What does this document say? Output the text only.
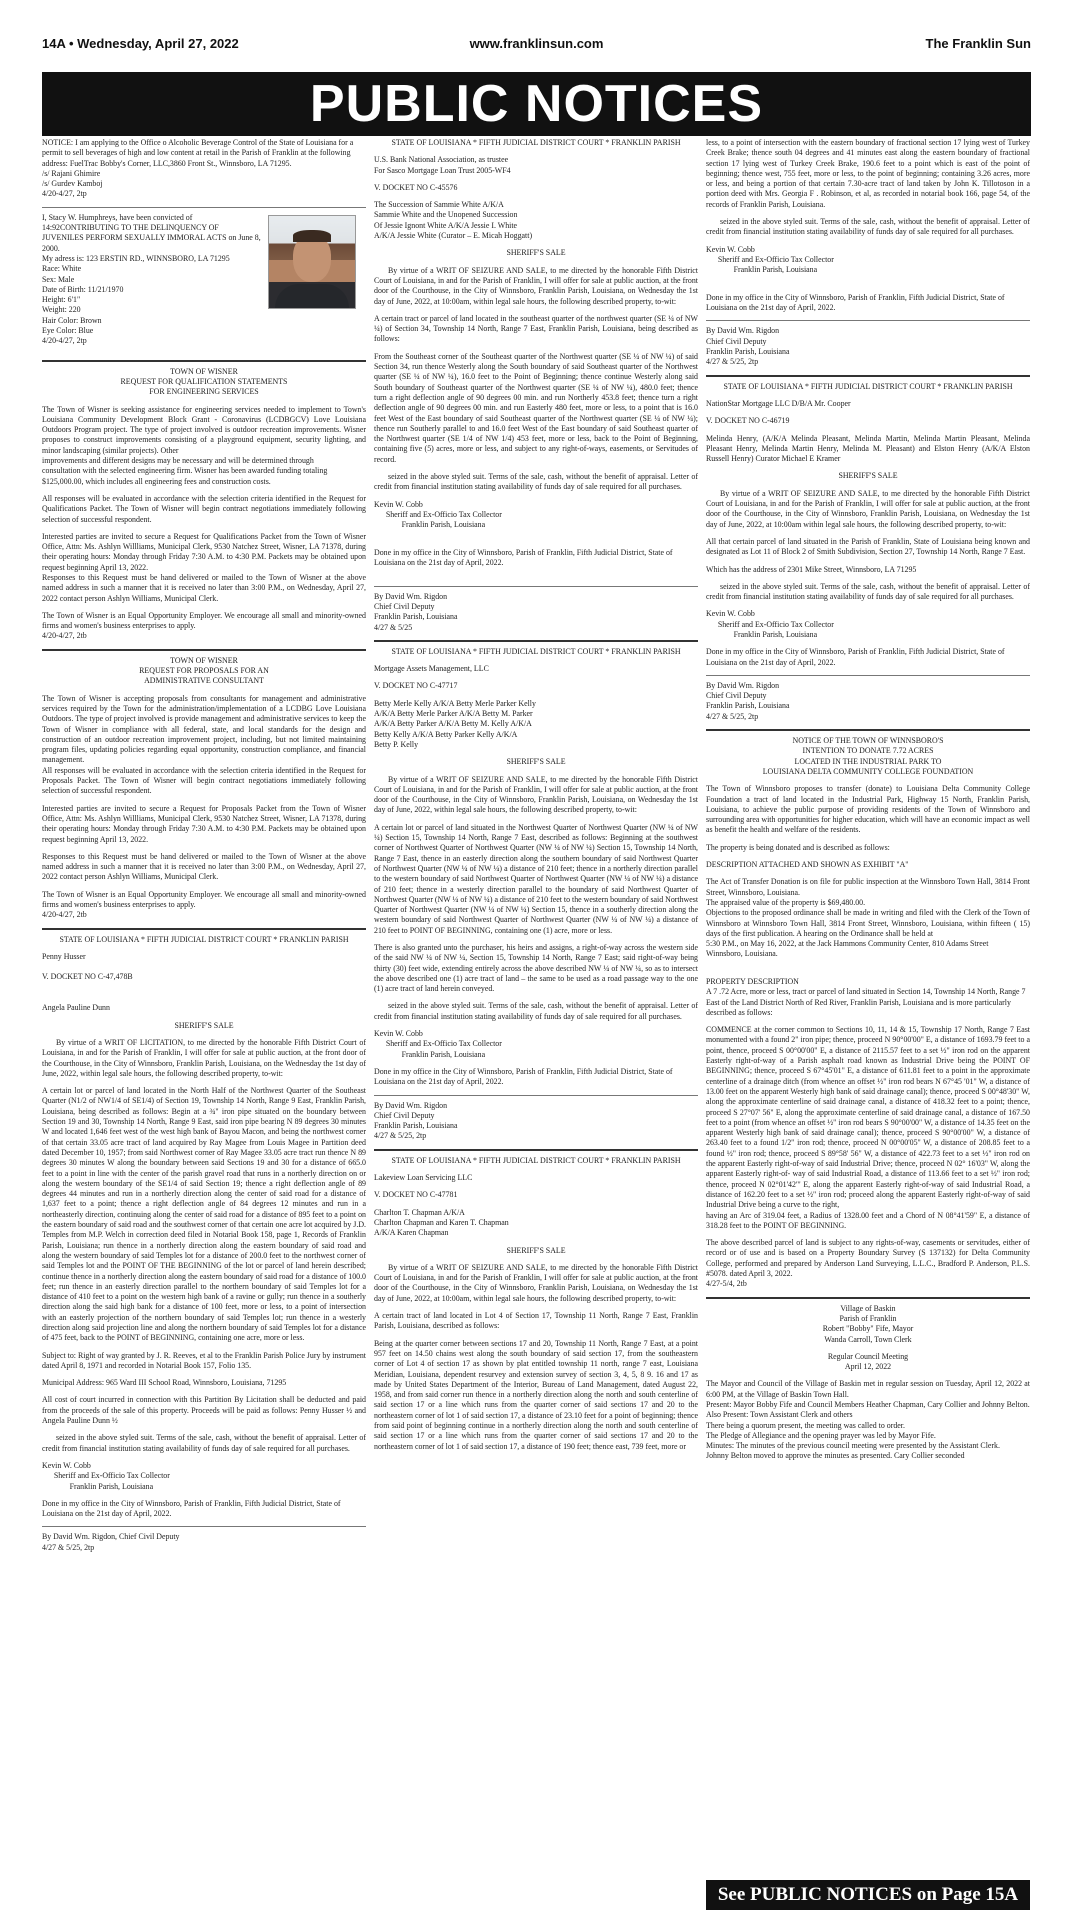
14A • Wednesday, April 27, 2022	www.franklinsun.com	The Franklin Sun
PUBLIC NOTICES

NOTICE: I am applying to the Office o Alcoholic Beverage Control of the State of Louisiana for a permit to sell beverages of high and low content at retail in the Parish of Franklin at the following address: FuelTrac Bobby's Corner, LLC,3860 Front St., Winnsboro, LA 71295.
/s/ Rajani Ghimire
/s/ Gurdev Kamboj
4/20-4/27, 2tp

I, Stacy W. Humphreys, have been convicted of 14:92CONTRIBUTING TO THE DELINQUENCY OF JUVENILES PERFORM SEXUALLY IMMORAL ACTS on June 8, 2000.
My adress is: 123 ERSTIN RD., WINNSBORO, LA 71295
Race: White
Sex: Male
Date of Birth: 11/21/1970
Height: 6'1"
Weight: 220
Hair Color: Brown
Eye Color: Blue
4/20-4/27, 2tp

TOWN OF WISNER
REQUEST FOR QUALIFICATION STATEMENTS
FOR ENGINEERING SERVICES

The Town of Wisner is seeking assistance for engineering services needed to implement to Town's Louisiana Community Development Block Grant - Coronavirus (LCDBGCV) Love Louisiana Outdoors Program project. The type of project involved is outdoor recreation improvements. Wisner proposes to construct improvements consisting of a playground equipment, security lighting, and minor landscaping (similar projects). Other
improvements and different designs may be necessary and will be determined through
consultation with the selected engineering firm. Wisner has been awarded funding totaling
$125,000.00, which includes all engineering fees and construction costs.

All responses will be evaluated in accordance with the selection criteria identified in the Request for Qualifications Packet. The Town of Wisner will begin contract negotiations immediately following selection of successful respondent.

Interested parties are invited to secure a Request for Qualifications Packet from the Town of Wisner Office, Attn: Ms. Ashlyn Willliams, Municipal Clerk, 9530 Natchez Street, Wisner, LA 71378, during their operating hours: Monday through Friday 7:30 A.M. to 4:30 P.M. Packets may be obtained upon request beginning April 13, 2022.
Responses to this Request must be hand delivered or mailed to the Town of Wisner at the above named address in such a manner that it is received no later than 3:00 P.M., on Wednesday, April 27, 2022 contact person Ashlyn Williams, Municipal Clerk.

The Town of Wisner is an Equal Opportunity Employer. We encourage all small and minority-owned firms and women's business enterprises to apply.
4/20-4/27, 2tb

TOWN OF WISNER
REQUEST FOR PROPOSALS FOR AN
ADMINISTRATIVE CONSULTANT

The Town of Wisner is accepting proposals from consultants for management and administrative services required by the Town for the administration/implementation of a LCDBG Love Louisiana Outdoors. The type of project involved is provide management and administrative services to keep the Town of Wisner in compliance with all federal, state, and local standards for the design and construction of an outdoor recreation improvement project, including, but not limited maintaining program files, updating policies regarding equal opportunity, construction compliance, and financial management.
All responses will be evaluated in accordance with the selection criteria identified in the Request for Proposals Packet. The Town of Wisner will begin contract negotiations immediately following selection of successful respondent.

Interested parties are invited to secure a Request for Proposals Packet from the Town of Wisner Office, Attn: Ms. Ashlyn Willliams, Municipal Clerk, 9530 Natchez Street, Wisner, LA 71378, during their operating hours: Monday through Friday 7:30 A.M. to 4:30 P.M. Packets may be obtained upon request beginning April 13, 2022.

Responses to this Request must be hand delivered or mailed to the Town of Wisner at the above named address in such a manner that it is received no later than 3:00 P.M., on Wednesday, April 27, 2022 contact person Ashlyn Williams, Municipal Clerk.

The Town of Wisner is an Equal Opportunity Employer. We encourage all small and minority-owned firms and women's business enterprises to apply.
4/20-4/27, 2tb

STATE OF LOUISIANA * FIFTH JUDICIAL DISTRICT COURT * FRANKLIN PARISH

Penny Husser

V. DOCKET NO C-47,478B

Angela Pauline Dunn

SHERIFF'S SALE

By virtue of a WRIT OF LICITATION, to me directed by the honorable Fifth District Court of Louisiana, in and for the Parish of Franklin, I will offer for sale at public auction, at the front door of the Courthouse, in the City of Winnsboro, Franklin Parish, Louisiana, on the Wednesday the 1st day of June, 2022, within legal sale hours, the following described property, to-wit:

A certain lot or parcel of land located in the North Half of the Northwest Quarter of the Southeast Quarter (N1/2 of NW1/4 of SE1/4) of Section 19, Township 14 North, Range 9 East, Franklin Parish, Louisiana, being described as follows: Begin at a ¾" iron pipe situated on the boundary between Section 19 and 30, Township 14 North, Range 9 East, said iron pipe bearing N 89 degrees 30 minutes W and located 1,646 feet west of the west high bank of Bayou Macon, and being the northwest corner of that certain 33.05 acre tract of land acquired by Ray Magee from Louis Magee in Partition deed dated December 10, 1957; from said Northwest corner of Ray Magee 33.05 acre tract run thence N 89 degrees 30 minutes W along the boundary between said Sections 19 and 30 for a distance of 665.0 feet to a point in line with the center of the parish gravel road that runs in a northerly direction on or along the western boundary of the SE1/4 of said Section 19; thence a right deflection angle of 89 degrees 44 minutes and run in a northerly direction along the center of said road for a distance of 1,637 feet to a point; thence a right deflection angle of 84 degrees 12 minutes and run in a northeasterly direction, continuing along the center of said road for a distance of 895 feet to a point on the eastern boundary of said road and the southwest corner of that certain one acre lot acquired by J.D. Temples from M.P. Welch in correction deed filed in Notarial Book 158, page 1, Records of Franklin Parish, Louisiana; run thence in a northerly direction along the eastern boundary of said road and along the western boundary of said Temples lot for a distance of 200.0 feet to the northwest corner of said Temples lot and the POINT OF THE BEGINNING of the lot or parcel of land herein described; continue thence in a northerly direction along the eastern boundary of said road for a distance of 100.0 feet; run thence in an easterly direction parallel to the northern boundary of said Temples lot for a distance of 410 feet to a point on the western high bank of a ravine or gully; run thence in a southerly direction along the said high bank for a distance of 100 feet, more or less, to a point of intersection with an easterly projection of the northern boundary of said Temples lot; run thence in a westerly direction along said projection line and along the northern boundary of said Temples lot for a distance of 475 feet, back to the POINT of BEGINNING, containing one acre, more or less.

Subject to: Right of way granted by J. R. Reeves, et al to the Franklin Parish Police Jury by instrument dated April 8, 1971 and recorded in Notarial Book 157, Folio 135.

Municipal Address: 965 Ward III School Road, Winnsboro, Louisiana, 71295

All cost of court incurred in connection with this Partition By Licitation shall be deducted and paid from the proceeds of the sale of this property. Proceeds will be paid as follows: Penny Husser ½ and Angela Pauline Dunn ½

seized in the above styled suit. Terms of the sale, cash, without the benefit of appraisal. Letter of credit from financial institution stating availability of funds day of sale required for all purchases.

Kevin W. Cobb
Sheriff and Ex-Officio Tax Collector
Franklin Parish, Louisiana

Done in my office in the City of Winnsboro, Parish of Franklin, Fifth Judicial District, State of Louisiana on the 21st day of April, 2022.

By David Wm. Rigdon, Chief Civil Deputy
4/27 & 5/25, 2tp

STATE OF LOUISIANA * FIFTH JUDICIAL DISTRICT COURT * FRANKLIN PARISH

U.S. Bank National Association, as trustee
For Sasco Mortgage Loan Trust 2005-WF4

V. DOCKET NO C-45576

The Succession of Sammie White A/K/A
Sammie White and the Unopened Succession
Of Jessie Ignont White A/K/A Jessie I. White
A/K/A Jessie White (Curator – E. Micah Hoggatt)

SHERIFF'S SALE

By virtue of a WRIT OF SEIZURE AND SALE, to me directed by the honorable Fifth District Court of Louisiana, in and for the Parish of Franklin, I will offer for sale at public auction, at the front door of the Courthouse, in the City of Winnsboro, Franklin Parish, Louisiana, on Wednesday the 1st day of June, 2022, at 10:00am, within legal sale hours, the following described property, to-wit:

A certain tract or parcel of land located in the southeast quarter of the northwest quarter (SE ¼ of NW ¼) of Section 34, Township 14 North, Range 7 East, Franklin Parish, Louisiana, being described as follows:

From the Southeast corner of the Southeast quarter of the Northwest quarter (SE ¼ of NW ¼) of said Section 34, run thence Westerly along the South boundary of said Southeast quarter of the Northwest quarter (SE ¼ of NW ¼), 16.0 feet to the Point of Beginning; thence continue Westerly along said South boundary of Southeast quarter of the Northwest quarter (SE ¼ of NW ¼), 480.0 feet; thence turn a right deflection angle of 90 degrees 00 min. and run Northerly 453.8 feet; thence turn a right deflection angle of 90 degrees 00 min. and run Easterly 480 feet, more or less, to a point that is 16.0 feet West of the East boundary of said Southeast quarter of the Northwest quarter (SE ¼ of NW ¼); thence run Southerly parallel to and 16.0 feet West of the East boundary of said Southeast quarter of the Northwest quarter (SE 1/4 of NW 1/4) 453 feet, more or less, back to the Point of Beginning, containing five (5) acres, more or less, and subject to any right-of-ways, easements, or Servitudes of record.

seized in the above styled suit. Terms of the sale, cash, without the benefit of appraisal. Letter of credit from financial institution stating availability of funds day of sale required for all purchases.

Kevin W. Cobb
Sheriff and Ex-Officio Tax Collector
Franklin Parish, Louisiana

Done in my office in the City of Winnsboro, Parish of Franklin, Fifth Judicial District, State of Louisiana on the 21st day of April, 2022.

By David Wm. Rigdon
Chief Civil Deputy
Franklin Parish, Louisiana
4/27 & 5/25

STATE OF LOUISIANA * FIFTH JUDICIAL DISTRICT COURT * FRANKLIN PARISH

Mortgage Assets Management, LLC

V. DOCKET NO C-47717

Betty Merle Kelly A/K/A Betty Merle Parker Kelly
A/K/A Betty Merle Parker A/K/A Betty M. Parker
A/K/A Betty Parker A/K/A Betty M. Kelly A/K/A
Betty Kelly A/K/A Betty Parker Kelly A/K/A
Betty P. Kelly

SHERIFF'S SALE

By virtue of a WRIT OF SEIZURE AND SALE, to me directed by the honorable Fifth District Court of Louisiana, in and for the Parish of Franklin, I will offer for sale at public auction, at the front door of the Courthouse, in the City of Winnsboro, Franklin Parish, Louisiana, on Wednesday the 1st day of June, 2022, within legal sale hours, the following described property, to-wit:

A certain lot or parcel of land situated in the Northwest Quarter of Northwest Quarter (NW ¼ of NW ¼) Section 15, Township 14 North, Range 7 East, described as follows: Beginning at the southwest corner of Northwest Quarter of Northwest Quarter (NW ¼ of NW ¼) Section 15, Township 14 North, Range 7 East, thence in an easterly direction along the southern boundary of said Northwest Quarter of Northwest Quarter (NW ¼ of NW ¼) a distance of 210 feet; thence in a northerly direction parallel to the western boundary of said Northwest Quarter of Northwest Quarter (NW ¼ of NW ¼) a distance of 210 feet; thence in a westerly direction parallel to the boundary of said Northwest Quarter of Northwest Quarter (NW ¼ of NW ¼) a distance of 210 feet to the western boundary of said Northwest Quarter of Northwest Quarter (NW ¼ of NW ¼) Section 15, thence in a southerly direction along the western boundary of said Northwest Quarter of Northwest Quarter (NW ¼ of NW ¼) a distance of 210 feet to POINT OF BEGINNING, containing one (1) acre, more or less.

There is also granted unto the purchaser, his heirs and assigns, a right-of-way across the western side of the said NW ¼ of NW ¼, Section 15, Township 14 North, Range 7 East; said right-of-way being thirty (30) feet wide, extending entirely across the above described NW ¼ of NW ¼, so as to intersect the above described one (1) acre tract of land – the same to be used as a road passage way to the one (1) acre tract of land herein conveyed.

seized in the above styled suit. Terms of the sale, cash, without the benefit of appraisal. Letter of credit from financial institution stating availability of funds day of sale required for all purchases.

Kevin W. Cobb
Sheriff and Ex-Officio Tax Collector
Franklin Parish, Louisiana

Done in my office in the City of Winnsboro, Parish of Franklin, Fifth Judicial District, State of Louisiana on the 21st day of April, 2022.

By David Wm. Rigdon
Chief Civil Deputy
Franklin Parish, Louisiana
4/27 & 5/25, 2tp

STATE OF LOUISIANA * FIFTH JUDICIAL DISTRICT COURT * FRANKLIN PARISH

Lakeview Loan Servicing LLC

V. DOCKET NO C-47781

Charlton T. Chapman A/K/A
Charlton Chapman and Karen T. Chapman
A/K/A Karen Chapman

SHERIFF'S SALE

By virtue of a WRIT OF SEIZURE AND SALE, to me directed by the honorable Fifth District Court of Louisiana, in and for the Parish of Franklin, I will offer for sale at public auction, at the front door of the Courthouse, in the City of Winnsboro, Franklin Parish, Louisiana, on Wednesday the 1st day of June, 2022, at 10:00am, within legal sale hours, the following described property, to-wit:

A certain tract of land located in Lot 4 of Section 17, Township 11 North, Range 7 East, Franklin Parish, Louisiana, described as follows:

Being at the quarter corner between sections 17 and 20, Township 11 North, Range 7 East, at a point 957 feet on 14.50 chains west along the south boundary of said section 17, from the southeastern corner of Lot 4 of section 17 as shown by plat entitled township 11 north, range 7 east, Louisiana Meridian, Louisiana, dependent resurvey and extension survey of section 3, 4, 5, 8 9. 16 and 17 as made by United States Department of the Interior, Bureau of Land Management, dated August 22, 1958, and from said corner run thence in a northerly direction along the north and south centerline of said section 17 or a line which runs from the quarter corner of said sections 17 and 20 to the northeastern corner of lot 1 of said section 17, a distance of 23.10 feet for a point of beginning; thence from said point of beginning continue in a northerly direction along the north and south centerline of said section 17 or a line which runs from the quarter corner of said sections 17 and 20 to the northeastern corner of lot 1 of said section 17, a distance of 190 feet; thence east, 739 feet, more or

less, to a point of intersection with the eastern boundary of fractional section 17 lying west of Turkey Creek Brake; thence south 04 degrees and 41 minutes east along the eastern boundary of fractional section 17 lying west of Turkey Creek Brake, 190.6 feet to a point which is east of the point of beginning; thence west, 755 feet, more or less, to the point of beginning; containing 3.26 acres, more or less, and being a portion of that certain 7.30-acre tract of land taken by John K. Tillotoson in a portion deed with Mrs. Georgia F . Robinson, et al, as recorded in notarial book 166, page 54, of the records of Franklin Parish, Louisiana.

seized in the above styled suit. Terms of the sale, cash, without the benefit of appraisal. Letter of credit from financial institution stating availability of funds day of sale required for all purchases.

Kevin W. Cobb
Sheriff and Ex-Officio Tax Collector
Franklin Parish, Louisiana

Done in my office in the City of Winnsboro, Parish of Franklin, Fifth Judicial District, State of Louisiana on the 21st day of April, 2022.

By David Wm. Rigdon
Chief Civil Deputy
Franklin Parish, Louisiana
4/27 & 5/25, 2tp

STATE OF LOUISIANA * FIFTH JUDICIAL DISTRICT COURT * FRANKLIN PARISH

NationStar Mortgage LLC D/B/A Mr. Cooper

V. DOCKET NO C-46719

Melinda Henry, (A/K/A Melinda Pleasant, Melinda Martin, Melinda Martin Pleasant, Melinda Pleasant Henry, Melinda Martin Henry, Melinda M. Pleasant) and Elston Henry (A/K/A Elston Russell Henry) Curator Michael E Kramer

SHERIFF'S SALE

By virtue of a WRIT OF SEIZURE AND SALE, to me directed by the honorable Fifth District Court of Louisiana, in and for the Parish of Franklin, I will offer for sale at public auction, at the front door of the Courthouse, in the City of Winnsboro, Franklin Parish, Louisiana, on Wednesday the 1st day of June, 2022, at 10:00am within legal sale hours, the following described property, to-wit:

All that certain parcel of land situated in the Parish of Franklin, State of Louisiana being known and designated as Lot 11 of Block 2 of Smith Subdivision, Section 27, Township 14 North, Range 7 East.

Which has the address of 2301 Mike Street, Winnsboro, LA 71295

seized in the above styled suit. Terms of the sale, cash, without the benefit of appraisal. Letter of credit from financial institution stating availability of funds day of sale required for all purchases.

Kevin W. Cobb
Sheriff and Ex-Officio Tax Collector
Franklin Parish, Louisiana

Done in my office in the City of Winnsboro, Parish of Franklin, Fifth Judicial District, State of Louisiana on the 21st day of April, 2022.

By David Wm. Rigdon
Chief Civil Deputy
Franklin Parish, Louisiana
4/27 & 5/25, 2tp

NOTICE OF THE TOWN OF WINNSBORO'S
INTENTION TO DONATE 7.72 ACRES
LOCATED IN THE INDUSTRIAL PARK TO
LOUISIANA DELTA COMMUNITY COLLEGE FOUNDATION

The Town of Winnsboro proposes to transfer (donate) to Louisiana Delta Community College Foundation a tract of land located in the Industrial Park, Highway 15 North, Franklin Parish, Louisiana, to achieve the public purpose of providing residents of the Town of Winnsboro and surrounding area with opportunities for higher education, which will have an economic impact as well as benefit the health and welfare of the residents.

The property is being donated and is described as follows:

DESCRIPTION ATTACHED AND SHOWN AS EXHIBIT "A"

The Act of Transfer Donation is on file for public inspection at the Winnsboro Town Hall, 3814 Front Street, Winnsboro, Louisiana.
The appraised value of the property is $69,480.00.
Objections to the proposed ordinance shall be made in writing and filed with the Clerk of the Town of Winnsboro at Winnsboro Town Hall, 3814 Front Street, Winnsboro, Louisiana, within fifteen ( 15) days of the first publication. A hearing on the Ordinance shall be held at
5:30 P.M., on May 16, 2022, at the Jack Hammons Community Center, 810 Adams Street
Winnsboro, Louisiana.

PROPERTY DESCRIPTION
A 7 .72 Acre, more or less, tract or parcel of land situated in Section 14, Township 14 North, Range 7 East of the Land District North of Red River, Franklin Parish, Louisiana and is more particularly described as follows:

COMMENCE at the corner common to Sections 10, 11, 14 & 15, Township 17 North, Range 7 East monumented with a found 2" iron pipe; thence, proceed N 90°00'00" E, a distance of 1693.79 feet to a point, thence, proceed S 00°00'00" E, a distance of 2115.57 feet to a set ½" iron rod on the apparent Easterly right-of-way of a Parish asphalt road known as Industrial Drive being the POINT OF BEGINNING; thence, proceed S 67°45'01" E, a distance of 611.81 feet to a point in the approximate centerline of a drainage ditch (from whence an offset ½" iron rod bears N 67°45 '01" W, a distance of 13.00 feet on the apparent Westerly high bank of said drainage canal); thence, proceed S 00°48'30" W, along the approximate centerline of said drainage canal, a distance of 418.32 feet to a point; thence, proceed S 27°07' 56" E, along the approximate centerline of said drainage canal, a distance of 167.50 feet to a point (from whence an offset ½" iron rod bears S 90°00'00" W, a distance of 14.35 feet on the apparent Westerly high bank of said drainage canal); thence, proceed S 90°00'00" W, a distance of 263.40 feet to a found 1/2" iron rod; thence, proceed N 00°00'05" W, a distance of 208.85 feet to a found ½" iron rod; thence, proceed S 89°58' 56" W, a distance of 422.73 feet to a set ½" iron rod on the apparent Easterly right-of-way of said Industrial Drive; thence, proceed N 02° 16'03" W, along the apparent Easterly right-of- way of said Industrial Road, a distance of 113.66 feet to a set ½" iron rod; thence, proceed N 02°01'42"' E, along the apparent Easterly right-of-way of said Industrial Road, a distance of 162.20 feet to a set ½" iron rod; proceed along the apparent Easterly right-of-way of said Industrial Drive being a curve to the right,
having an Arc of 319.04 feet, a Radius of 1328.00 feet and a Chord of N 08°41'59" E, a distance of 318.28 feet to the POINT OF BEGINNING.

The above described parcel of land is subject to any rights-of-way, casements or servitudes, either of record or of use and is based on a Property Boundary Survey (S 137132) for Delta Community College, performed and prepared by Anderson Land Surveying, L.L.C., Bradford P. Anderson, P.L.S. #5078. dated April 3, 2022.
4/27-5/4, 2tb

Village of Baskin
Parish of Franklin
Robert "Bobby" Fife, Mayor
Wanda Carroll, Town Clerk

Regular Council Meeting
April 12, 2022

The Mayor and Council of the Village of Baskin met in regular session on Tuesday, April 12, 2022 at 6:00 PM, at the Village of Baskin Town Hall.
Present: Mayor Bobby Fife and Council Members Heather Chapman, Cary Collier and Johnny Belton.
Also Present: Town Assistant Clerk and others
There being a quorum present, the meeting was called to order.
The Pledge of Allegiance and the opening prayer was led by Mayor Fife.
Minutes: The minutes of the previous council meeting were presented by the Assistant Clerk.
Johnny Belton moved to approve the minutes as presented. Cary Collier seconded

See PUBLIC NOTICES on Page 15A
